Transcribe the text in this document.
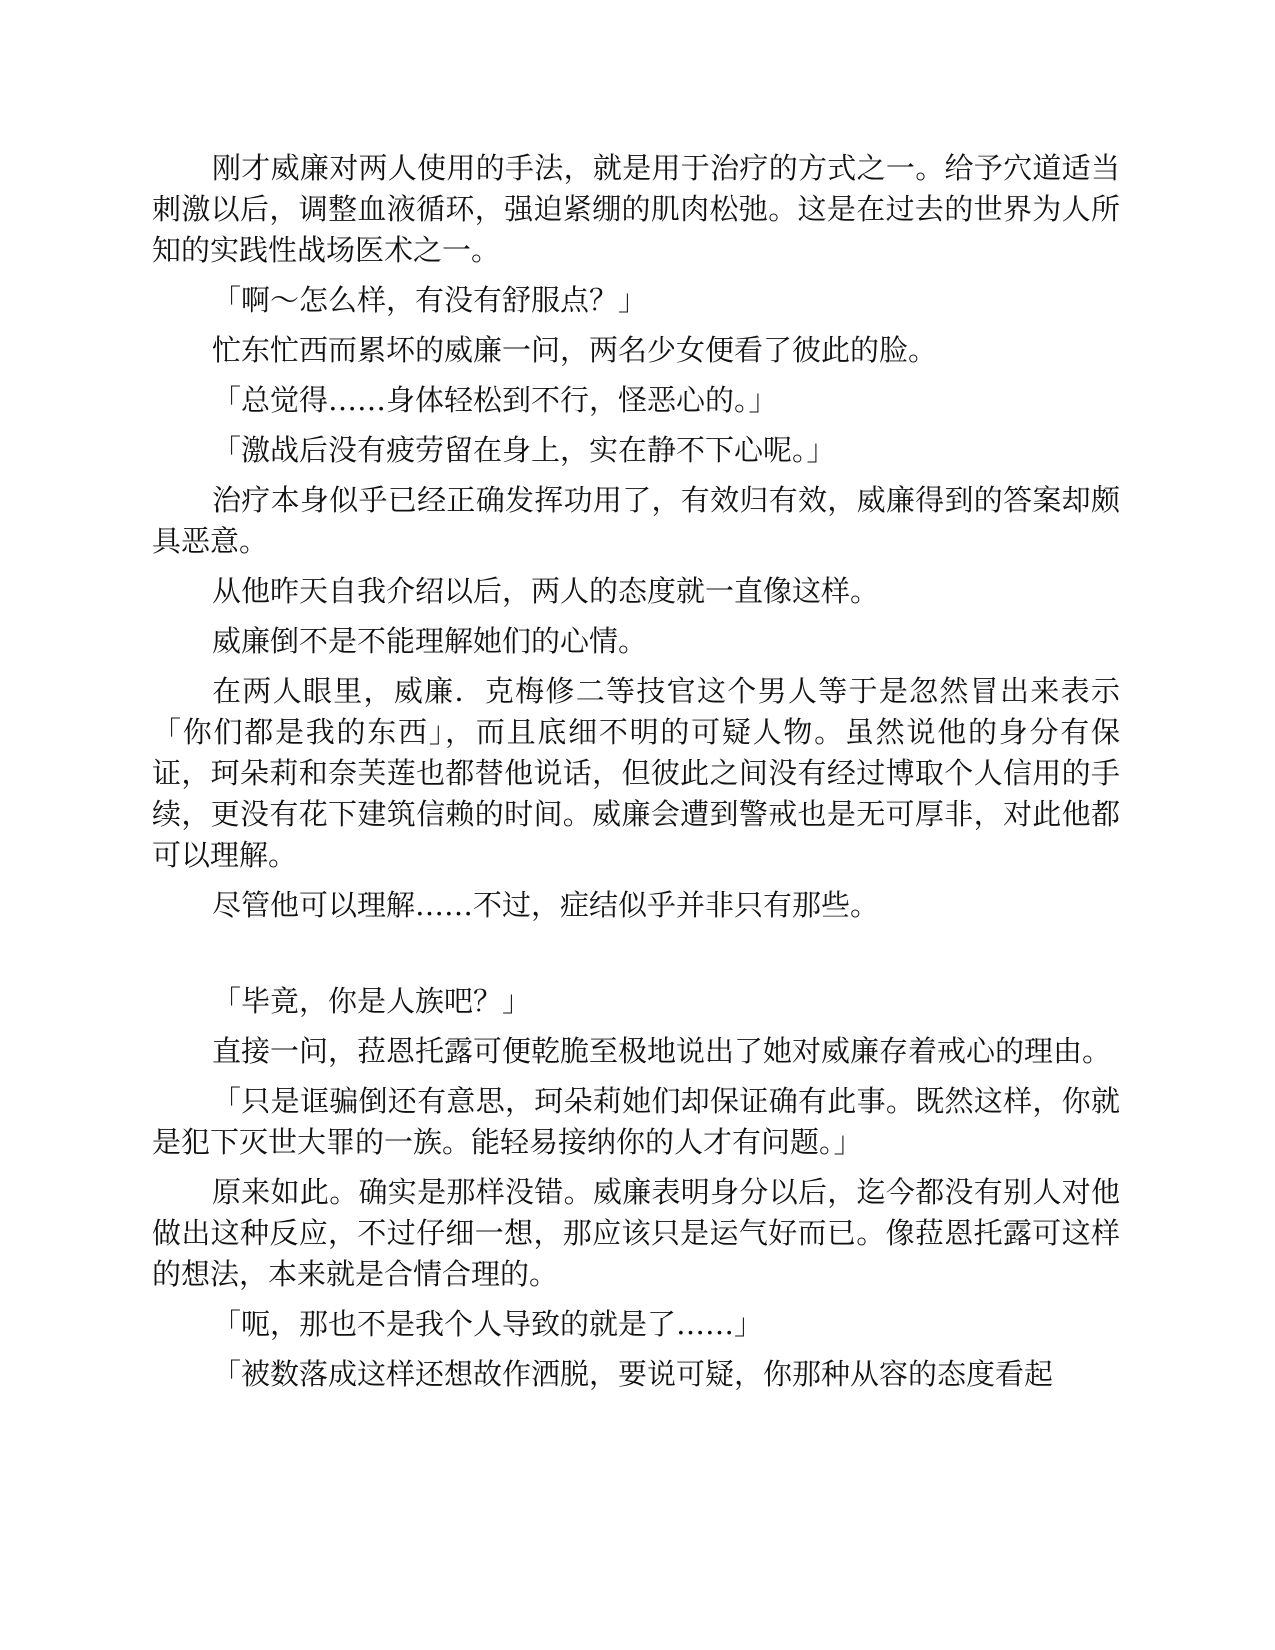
刚才威廉对两人使用的手法，就是用于治疗的方式之一。给予穴道适当刺激以后，调整血液循环，强迫紧绷的肌肉松弛。这是在过去的世界为人所知的实践性战场医术之一。

「啊～怎么样，有没有舒服点？」

忙东忙西而累坏的威廉一问，两名少女便看了彼此的脸。

「总觉得……身体轻松到不行，怪恶心的。」

「激战后没有疲劳留在身上，实在静不下心呢。」

治疗本身似乎已经正确发挥功用了，有效归有效，威廉得到的答案却颇具恶意。

从他昨天自我介绍以后，两人的态度就一直像这样。

威廉倒不是不能理解她们的心情。

在两人眼里，威廉．克梅修二等技官这个男人等于是忽然冒出来表示「你们都是我的东西」，而且底细不明的可疑人物。虽然说他的身分有保证，珂朵莉和奈芙莲也都替他说话，但彼此之间没有经过博取个人信用的手续，更没有花下建筑信赖的时间。威廉会遭到警戒也是无可厚非，对此他都可以理解。

尽管他可以理解……不过，症结似乎并非只有那些。

「毕竟，你是人族吧？」

直接一问，菈恩托露可便乾脆至极地说出了她对威廉存着戒心的理由。

「只是诓骗倒还有意思，珂朵莉她们却保证确有此事。既然这样，你就是犯下灭世大罪的一族。能轻易接纳你的人才有问题。」

原来如此。确实是那样没错。威廉表明身分以后，迄今都没有别人对他做出这种反应，不过仔细一想，那应该只是运气好而已。像菈恩托露可这样的想法，本来就是合情合理的。

「呃，那也不是我个人导致的就是了……」

「被数落成这样还想故作洒脱，要说可疑，你那种从容的态度看起
